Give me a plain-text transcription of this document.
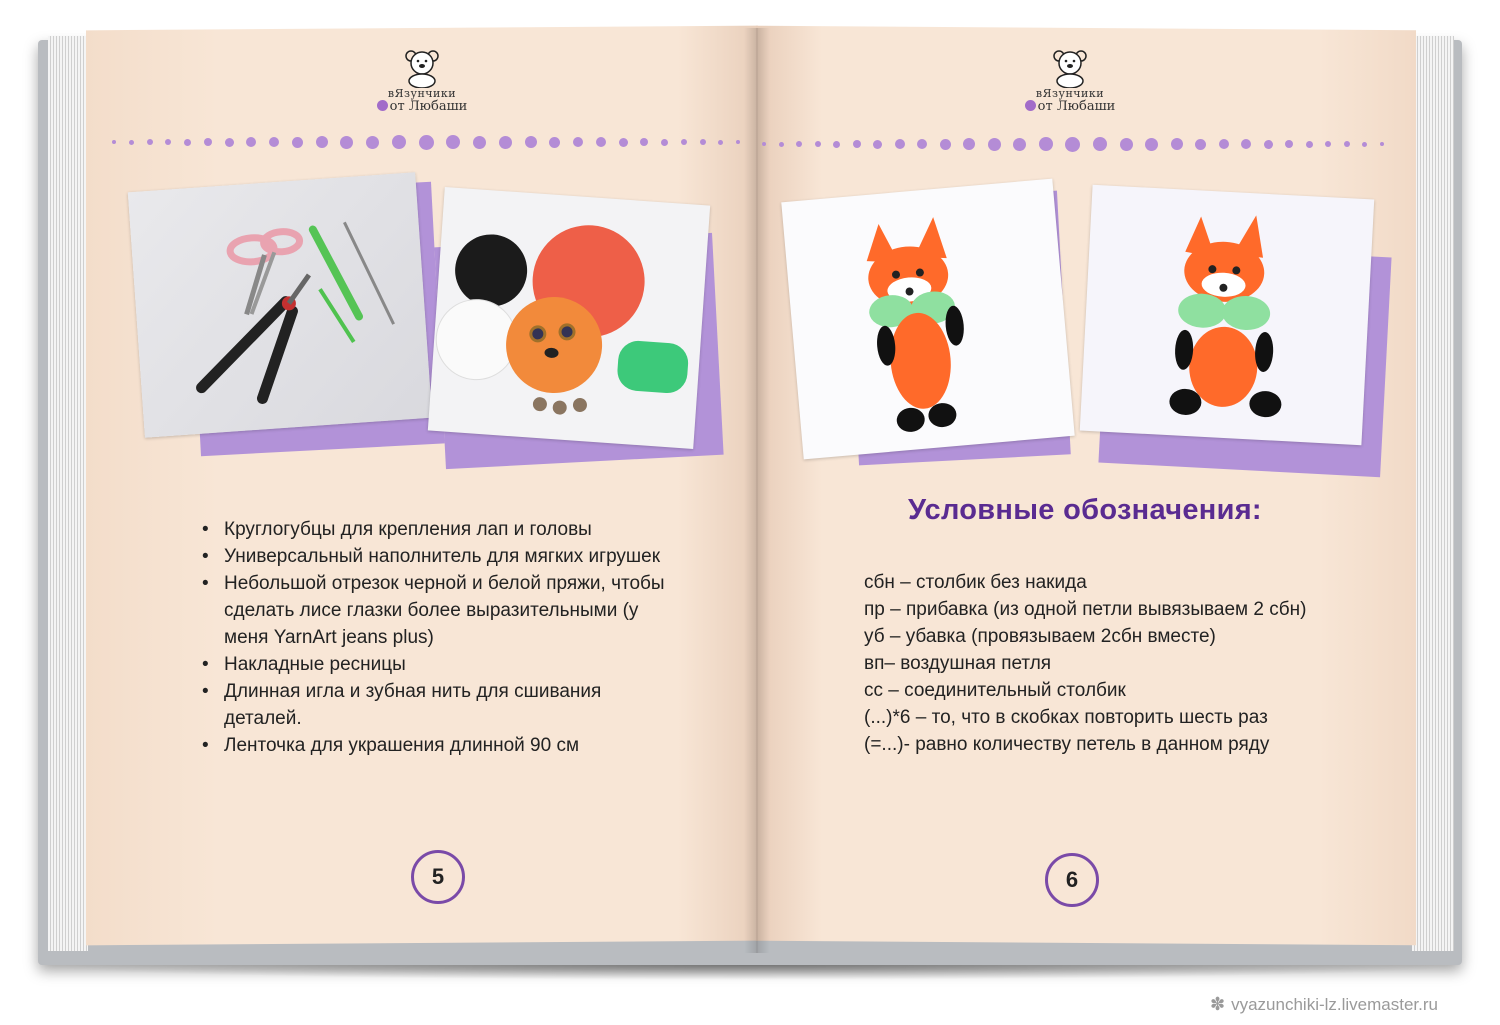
вЯзунчики
от Любаши
вЯзунчики
от Любаши
• Круглогубцы для крепления лап и головы
• Универсальный наполнитель для мягких игрушек
• Небольшой отрезок черной и белой пряжи, чтобы сделать лисе глазки более выразительными (у меня YarnArt jeans plus)
• Накладные ресницы
• Длинная игла и зубная нить для сшивания деталей.
• Ленточка для украшения длинной 90 см
5
Условные обозначения:
сбн – столбик без накида
пр – прибавка (из одной петли вывязываем 2 сбн)
уб – убавка (провязываем 2сбн вместе)
вп– воздушная петля
сс – соединительный столбик
(...)*6 – то, что в скобках повторить шесть раз
(=...)- равно количеству петель в данном ряду
6
✽ vyazunchiki-lz.livemaster.ru
